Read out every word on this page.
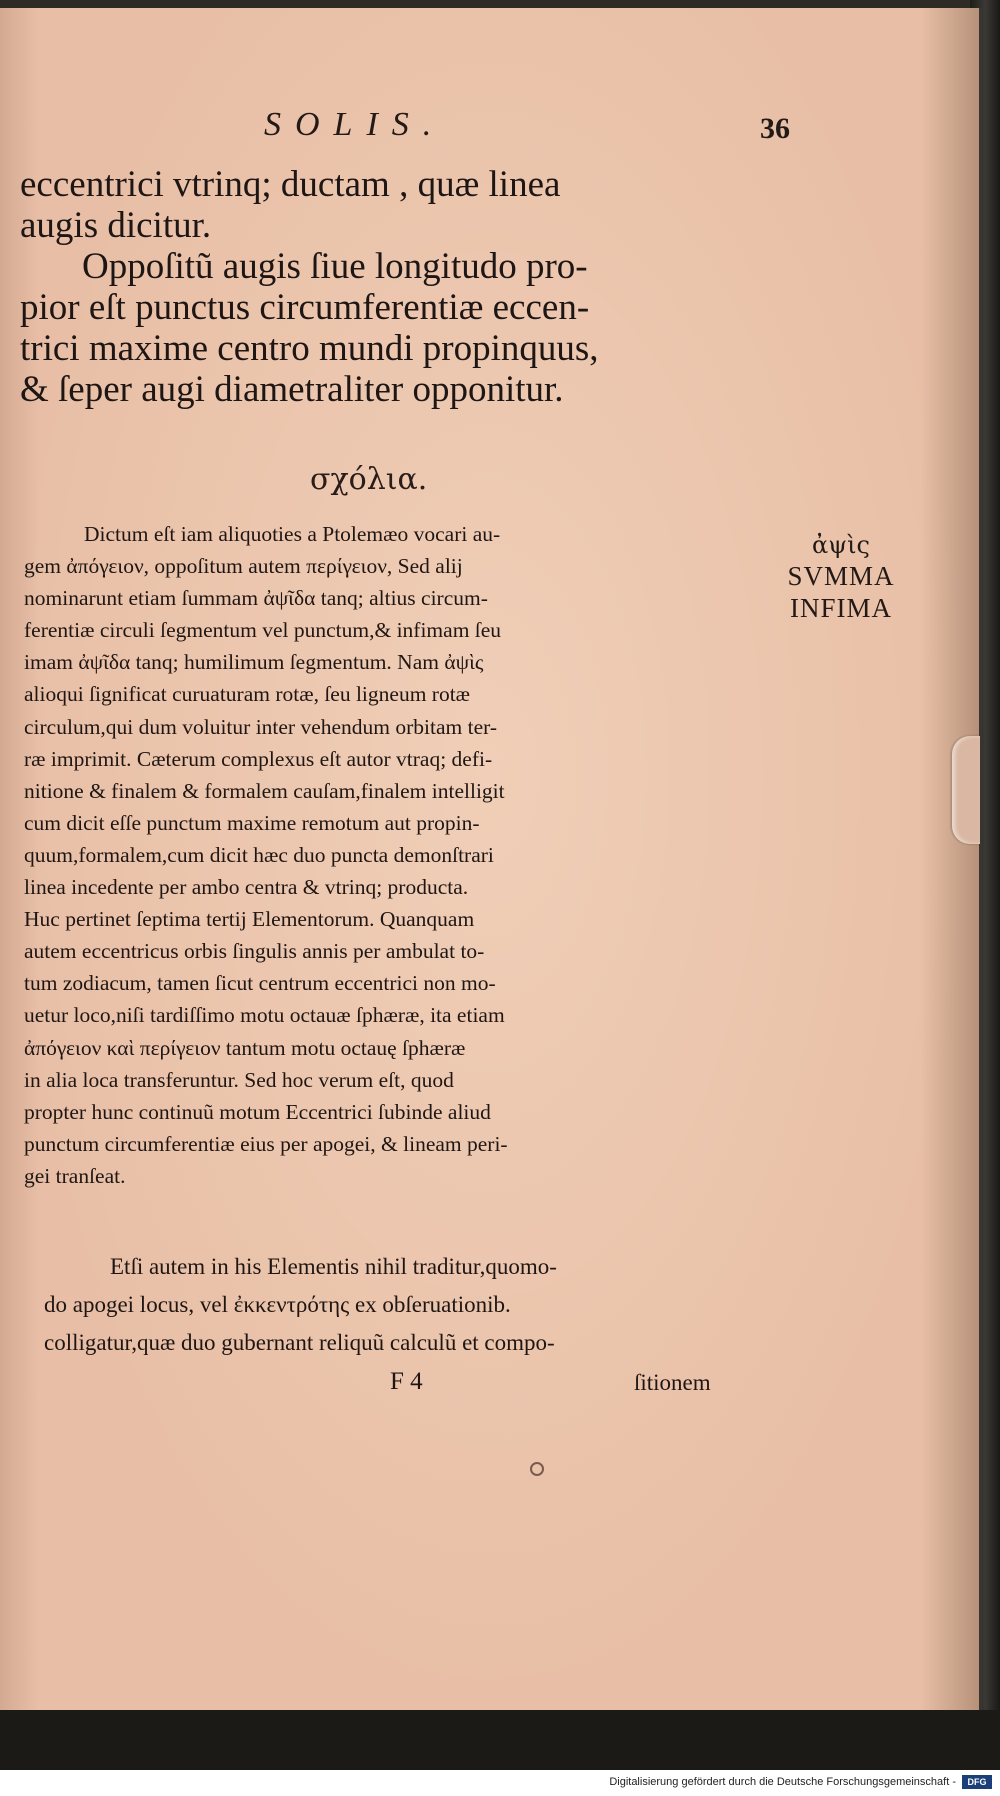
SOLIS.	36
eccentrici vtrinq; ductam , quæ linea
augis dicitur.
Oppoſitũ augis ſiue longitudo pro-
pior eſt punctus circumferentiæ eccen-
trici maxime centro mundi propinquus,
& ſeper augi diametraliter opponitur.
σχόλια.
Dictum eſt iam aliquoties a Ptolemæo vocari au-
gem ἀπόγειον, oppoſitum autem περίγειον, Sed alij
nominarunt etiam ſummam ἀψῖδα tanq; altius circum-
ferentiæ circuli ſegmentum vel punctum,& infimam ſeu
imam ἀψῖδα tanq; humilimum ſegmentum. Nam ἀψὶς
alioqui ſignificat curuaturam rotæ, ſeu ligneum rotæ
circulum,qui dum voluitur inter vehendum orbitam ter-
ræ imprimit. Cæterum complexus eſt autor vtraq; defi-
nitione & finalem & formalem cauſam,finalem intelligit
cum dicit eſſe punctum maxime remotum aut propin-
quum,formalem,cum dicit hæc duo puncta demonſtrari
linea incedente per ambo centra & vtrinq; producta.
Huc pertinet ſeptima tertij Elementorum. Quanquam
autem eccentricus orbis ſingulis annis per ambulat to-
tum zodiacum, tamen ſicut centrum eccentrici non mo-
uetur loco,niſi tardiſſimo motu octauæ ſphæræ, ita etiam
ἀπόγειον καὶ περίγειον tantum motu octauę ſphæræ
in alia loca transferuntur. Sed hoc verum eſt, quod
propter hunc continuũ motum Eccentrici ſubinde aliud
punctum circumferentiæ eius per apogei, & lineam peri-
gei tranſeat.
Etſi autem in his Elementis nihil traditur,quomo-
do apogei locus, vel ἐκκεντρότης ex obſeruationib.
colligatur,quæ duo gubernant reliquũ calculũ et compo-
F 4	ſitionem
ἀψὶς
SVMMA
INFIMA
Digitalisierung gefördert durch die Deutsche Forschungsgemeinschaft -	DFG
